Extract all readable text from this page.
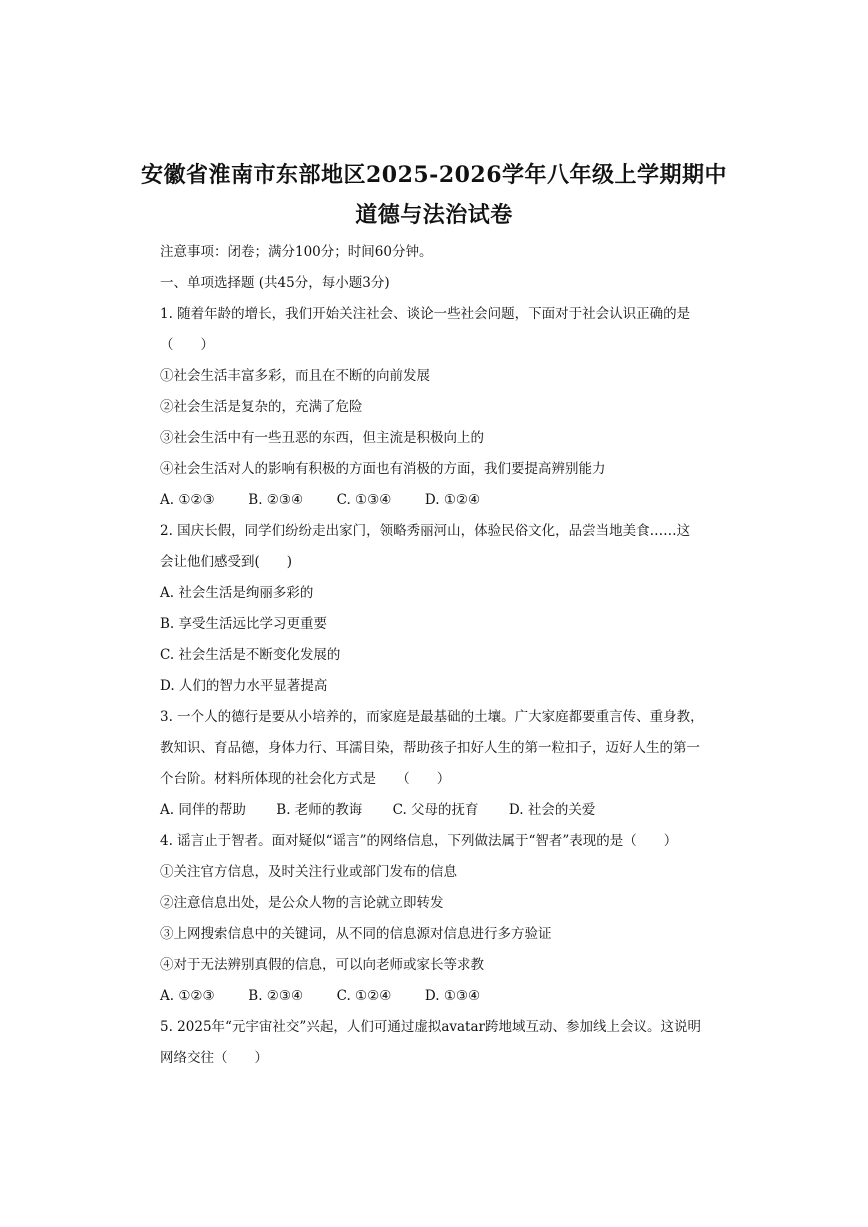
安徽省淮南市东部地区2025-2026学年八年级上学期期中
道德与法治试卷
注意事项：闭卷；满分100分；时间60分钟。
一、单项选择题 (共45分，每小题3分)
1. 随着年龄的增长，我们开始关注社会、谈论一些社会问题，下面对于社会认识正确的是
（　　）
①社会生活丰富多彩，而且在不断的向前发展
②社会生活是复杂的，充满了危险
③社会生活中有一些丑恶的东西，但主流是积极向上的
④社会生活对人的影响有积极的方面也有消极的方面，我们要提高辨别能力
A. ①②③ B. ②③④ C. ①③④ D. ①②④
2. 国庆长假，同学们纷纷走出家门，领略秀丽河山，体验民俗文化，品尝当地美食……这
会让他们感受到(　　)
A. 社会生活是绚丽多彩的
B. 享受生活远比学习更重要
C. 社会生活是不断变化发展的
D. 人们的智力水平显著提高
3. 一个人的德行是要从小培养的，而家庭是最基础的土壤。广大家庭都要重言传、重身教，
教知识、育品德，身体力行、耳濡目染，帮助孩子扣好人生的第一粒扣子，迈好人生的第一
个台阶。材料所体现的社会化方式是　　（　　）
A. 同伴的帮助 B. 老师的教诲 C. 父母的抚育 D. 社会的关爱
4. 谣言止于智者。面对疑似“谣言”的网络信息，下列做法属于“智者”表现的是（　　）
①关注官方信息，及时关注行业或部门发布的信息
②注意信息出处，是公众人物的言论就立即转发
③上网搜索信息中的关键词，从不同的信息源对信息进行多方验证
④对于无法辨别真假的信息，可以向老师或家长等求教
A. ①②③ B. ②③④ C. ①②④ D. ①③④
5. 2025年“元宇宙社交”兴起，人们可通过虚拟avatar跨地域互动、参加线上会议。这说明
网络交往（　　）
